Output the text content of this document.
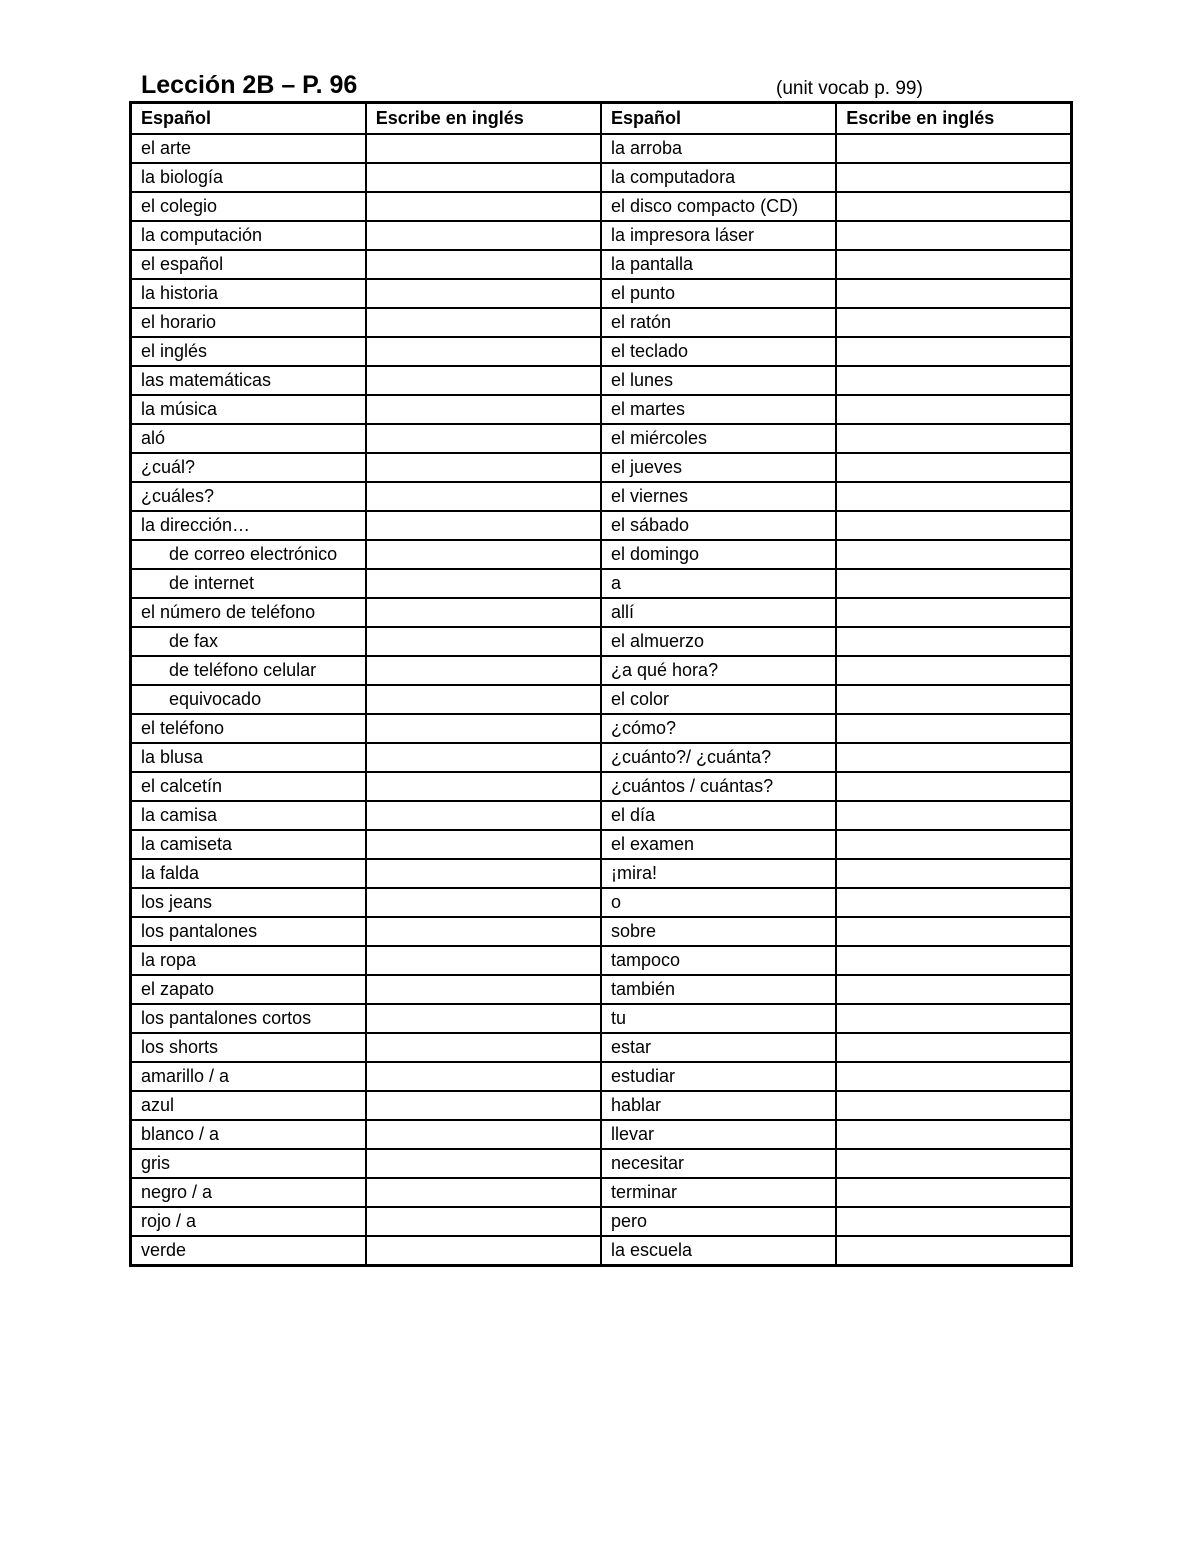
Lección 2B – P. 96	(unit vocab p. 99)
Español	Escribe en inglés	Español	Escribe en inglés
el arte		la arroba	
la biología		la computadora	
el colegio		el disco compacto (CD)	
la computación		la impresora láser	
el español		la pantalla	
la historia		el punto	
el horario		el ratón	
el inglés		el teclado	
las matemáticas		el lunes	
la música		el martes	
aló		el miércoles	
¿cuál?		el jueves	
¿cuáles?		el viernes	
la dirección…		el sábado	
de correo electrónico		el domingo	
de internet		a	
el número de teléfono		allí	
de fax		el almuerzo	
de teléfono celular		¿a qué hora?	
equivocado		el color	
el teléfono		¿cómo?	
la blusa		¿cuánto?/ ¿cuánta?	
el calcetín		¿cuántos / cuántas?	
la camisa		el día	
la camiseta		el examen	
la falda		¡mira!	
los jeans		o	
los pantalones		sobre	
la ropa		tampoco	
el zapato		también	
los pantalones cortos		tu	
los shorts		estar	
amarillo / a		estudiar	
azul		hablar	
blanco / a		llevar	
gris		necesitar	
negro / a		terminar	
rojo / a		pero	
verde		la escuela	
